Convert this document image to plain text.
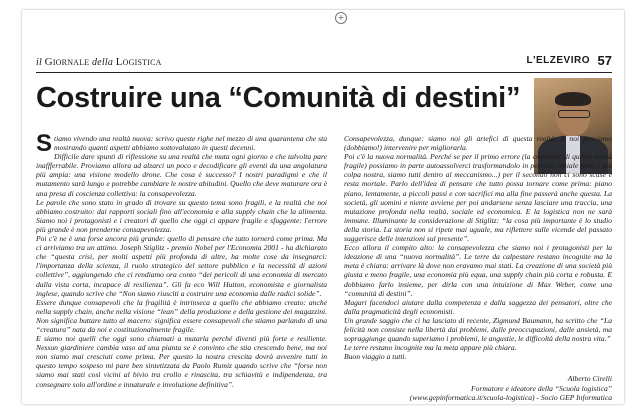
+
il Giornale della Logistica	L'ELZEVIRO 57
Costruire una “Comunità di destini”
S tiamo vivendo una realtà nuova: scrivo queste righe nel mezzo di una quarantena che sta mostrando quanti aspetti abbiamo sottovalutato in questi decenni.

Difficile dare spunti di riflessione su una realtà che muta ogni giorno e che talvolta pare inaffferrabile. Proviamo allora ad alzarci un poco e decodificare gli eventi da una angolatura più ampia: una visione modello drone. Che cosa è successo? I nostri paradigmi e che il mutamento sarà lungo e potrebbe cambiare le nostre abitudini. Quello che deve maturare ora è una presa di coscienza collettiva: la consapevolezza.

Le parole che sono stato in grado di trovare su questo tema sono fragili, e la realtà che noi abbiamo costruito: dai rapporti sociali fino all'economia e alla supply chain che la alimenta. Siamo noi i protagonisti e i creatori di quello che oggi ci appare fragile e sfuggente: l'errore più grande è non prenderne consapevolezza.

Poi c'è ne è una forse ancora più grande: quello di pensare che tutto tornerà come prima. Ma ci arriviamo tra un attimo. Joseph Stiglitz - premio Nobel per l'Economia 2001 - ha dichiarato che “questa crisi, per molti aspetti più profonda di altre, ha molte cose da insegnarci: l'importanza della scienza, il ruolo strategico del settore pubblico e la necessità di azioni collettive”, aggiungendo che ci rendiamo ora conto “dei pericoli di una economia di mercato dalla vista corta, incapace di resilienza”. Gli fa eco Will Hutton, economista e giornalista inglese, quando scrive che “Non siamo riusciti a costruire una economia dalle radici solide”.

Essere dunque consapevoli che la fragilità è intrinseca a quello che abbiamo creato: anche nella supply chain, anche nella visione “lean” della produzione e della gestione dei magazzini. Non significa buttare tutto al macero: significa essere consapevoli che stiamo parlando di una “creatura” nata da noi e costituzionalmente fragile.

E siamo noi quelli che oggi sono chiamati a mutarla perché diventi più forte e resiliente. Nessun giardiniere cambia vaso ad una pianta se è convinto che stia crescendo bene, ma noi non siamo mai cresciuti come prima. Per questo la nostra crescita dovrà avvenire tutti in questo tempo sospeso mi pare ben sintetizzata da Paolo Rumiz quando scrive che “forse non siamo mai stati così vicini al bivio tra crollo e rinascita, tra schiavitù e indipendenza, tra consegnare solo all'ordine e innaturale e involuzione definitiva”.

Consapevolezza, dunque: siamo noi gli artefici di questa realtà. E noi possiamo (dobbiamo!) intervenire per migliorarla.

Poi c'è la nuova normalità. Perché se per il primo errore (la creazione di questa realtà fragile) possiamo in parte autoassolverci trasformandolo in peccato veniale (non è poi colpa nostra, siamo tutti dentro al meccanismo...) per il secondo non ci sono scuse e resta mortale. Parlo dell'idea di pensare che tutto possa tornare come prima: piano piano, lentamente, a piccoli passi e con sacrifici ma alla fine passerà anche questa. La società, gli uomini e niente avviene per poi andarsene senza lasciare una traccia, una mutazione profonda nella realtà, sociale ed economica. E la logistica non ne sarà immune. Illuminante la considerazione di Stiglitz: “la cosa più importante è lo studio della storia. La storia non si ripete mai uguale, ma riflettere sulle vicende del passato suggerisce delle intenzioni sul presente”.

Ecco allora il compito alto: la consapevolezza che siamo noi i protagonisti per la ideazione di una “nuova normalità”. Le terre da calpestare restano incognite ma la meta è chiara: arrivare là dove non eravamo mai stati. La creazione di una società più giusta e meno fragile, una economia più equa, una supply chain più corta e robusta. E dobbiamo farlo insieme, per dirla con una intuizione di Max Weber, come una “comunità di destini”.

Magari facendoci aiutare dalla competenza e dalla saggezza dei pensatori, oltre che dalla pragmaticità degli economisti.

Un grande saggio che ci ha lasciato di recente, Zigmund Baumann, ha scritto che “La felicità non consiste nella libertà dai problemi, dalle preoccupazioni, dalle ansietà, ma sopraggiunge quando superiamo i problemi, le angustie, le difficoltà della nostra vita.”

Le terre restano incognite ma la meta appare più chiara.

Buon viaggio a tutti.

Alberto Cirelli
Formatore e ideatore della “Scuola logistica”
(www.gepinformatica.it/scuola-logistica) - Socio GEP Informatica
